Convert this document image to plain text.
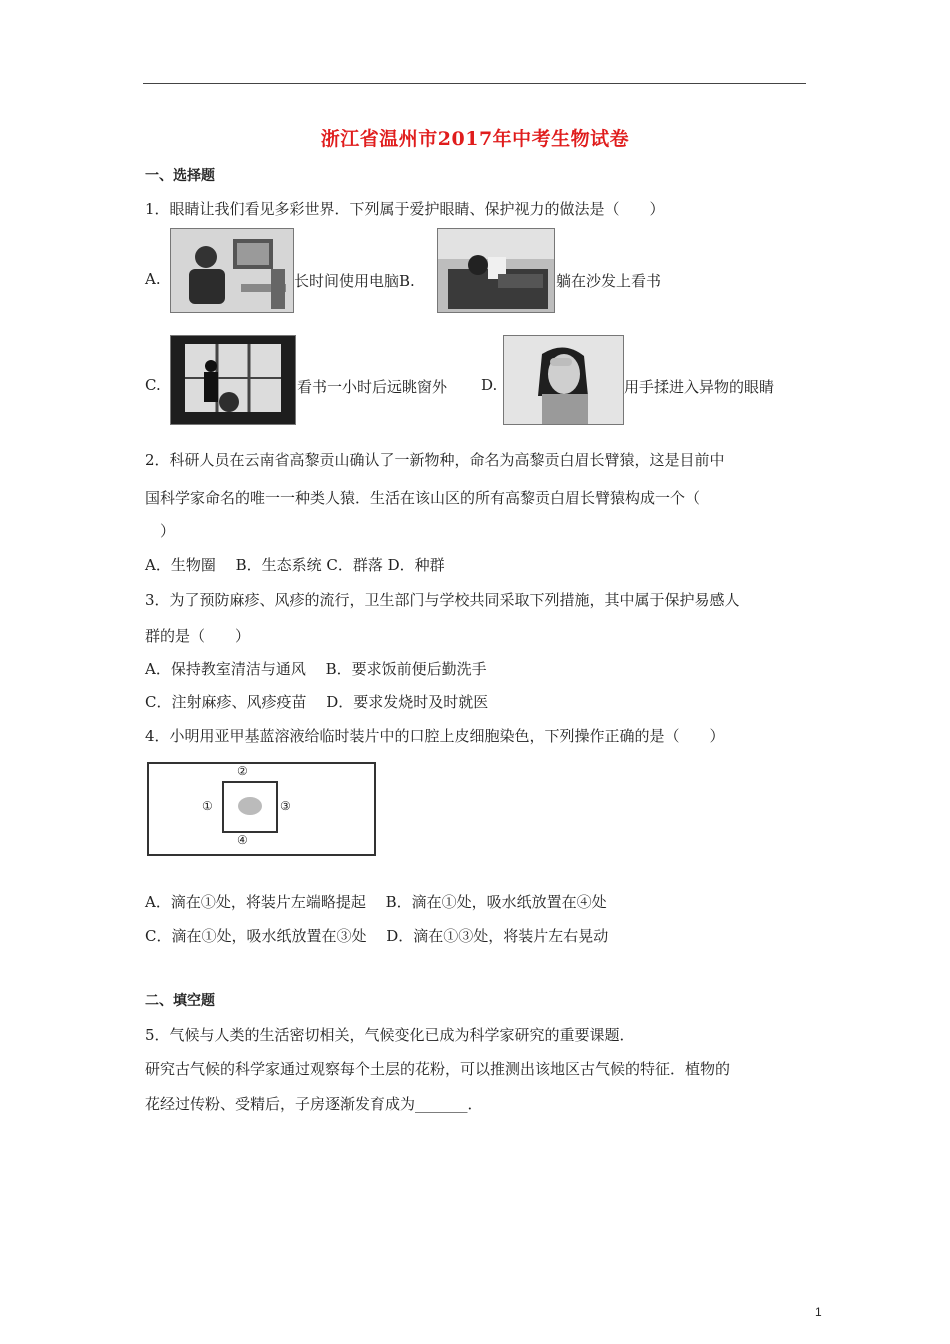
浙江省温州市2017年中考生物试卷
一、选择题
1．眼睛让我们看见多彩世界．下列属于爱护眼睛、保护视力的做法是（　　）
A.	长时间使用电脑B.	躺在沙发上看书
C.	看书一小时后远眺窗外 D.	用手揉进入异物的眼睛
2．科研人员在云南省高黎贡山确认了一新物种，命名为高黎贡白眉长臂猿，这是目前中
国科学家命名的唯一一种类人猿．生活在该山区的所有高黎贡白眉长臂猿构成一个（
）
A．生物圈　 B．生态系统 C．群落 D．种群
3．为了预防麻疹、风疹的流行，卫生部门与学校共同采取下列措施，其中属于保护易感人
群的是（　　）
A．保持教室清洁与通风　 B．要求饭前便后勤洗手
C．注射麻疹、风疹疫苗　 D．要求发烧时及时就医
4．小明用亚甲基蓝溶液给临时装片中的口腔上皮细胞染色，下列操作正确的是（　　）
②
①	③
④
A．滴在①处，将装片左端略提起　 B．滴在①处，吸水纸放置在④处
C．滴在①处，吸水纸放置在③处　 D．滴在①③处，将装片左右晃动
二、填空题
5．气候与人类的生活密切相关，气候变化已成为科学家研究的重要课题．
研究古气候的科学家通过观察每个土层的花粉，可以推测出该地区古气候的特征．植物的
花经过传粉、受精后，子房逐渐发育成为_______．
1
